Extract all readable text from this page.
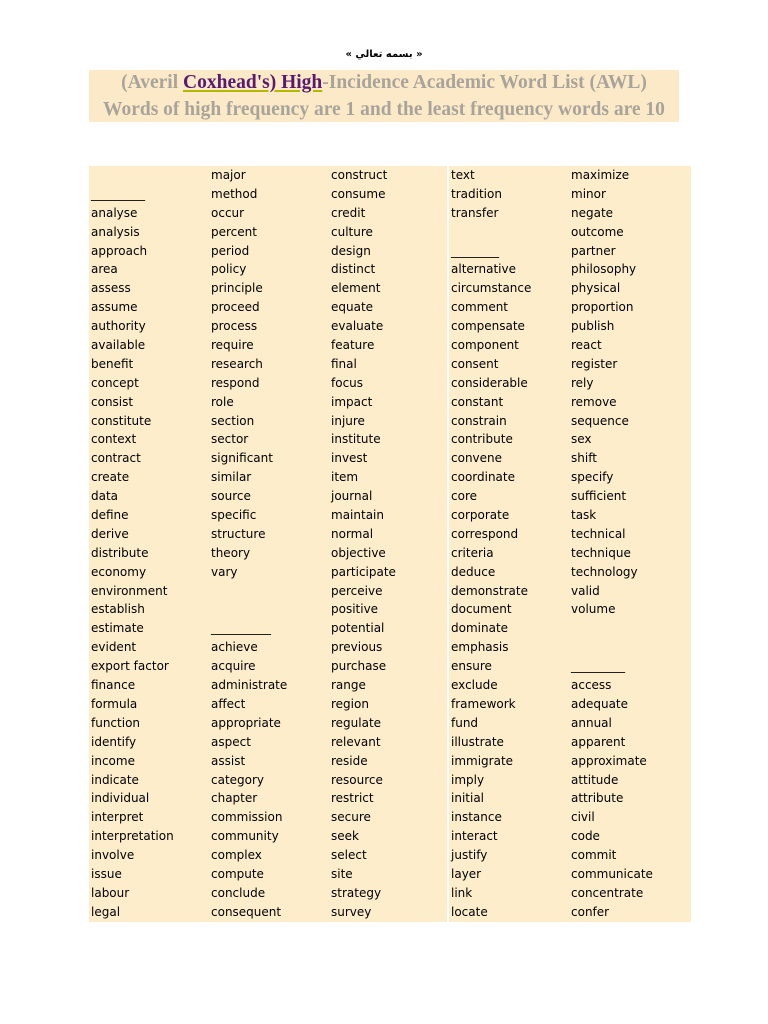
« بسمه تعالي »
(Averil Coxhead's) High-Incidence Academic Word List (AWL)
Words of high frequency are 1 and the least frequency words are 10
_________
analyse
analysis
approach
area
assess
assume
authority
available
benefit
concept
consist
constitute
context
contract
create
data
define
derive
distribute
economy
environment
establish
estimate
evident
export factor
finance
formula
function
identify
income
indicate
individual
interpret
interpretation
involve
issue
labour
legal
major
method
occur
percent
period
policy
principle
proceed
process
require
research
respond
role
section
sector
significant
similar
source
specific
structure
theory
vary
__________
achieve
acquire
administrate
affect
appropriate
aspect
assist
category
chapter
commission
community
complex
compute
conclude
consequent
construct
consume
credit
culture
design
distinct
element
equate
evaluate
feature
final
focus
impact
injure
institute
invest
item
journal
maintain
normal
objective
participate
perceive
positive
potential
previous
purchase
range
region
regulate
relevant
reside
resource
restrict
secure
seek
select
site
strategy
survey
text
tradition
transfer
________
alternative
circumstance
comment
compensate
component
consent
considerable
constant
constrain
contribute
convene
coordinate
core
corporate
correspond
criteria
deduce
demonstrate
document
dominate
emphasis
ensure
exclude
framework
fund
illustrate
immigrate
imply
initial
instance
interact
justify
layer
link
locate
maximize
minor
negate
outcome
partner
philosophy
physical
proportion
publish
react
register
rely
remove
sequence
sex
shift
specify
sufficient
task
technical
technique
technology
valid
volume
_________
access
adequate
annual
apparent
approximate
attitude
attribute
civil
code
commit
communicate
concentrate
confer
